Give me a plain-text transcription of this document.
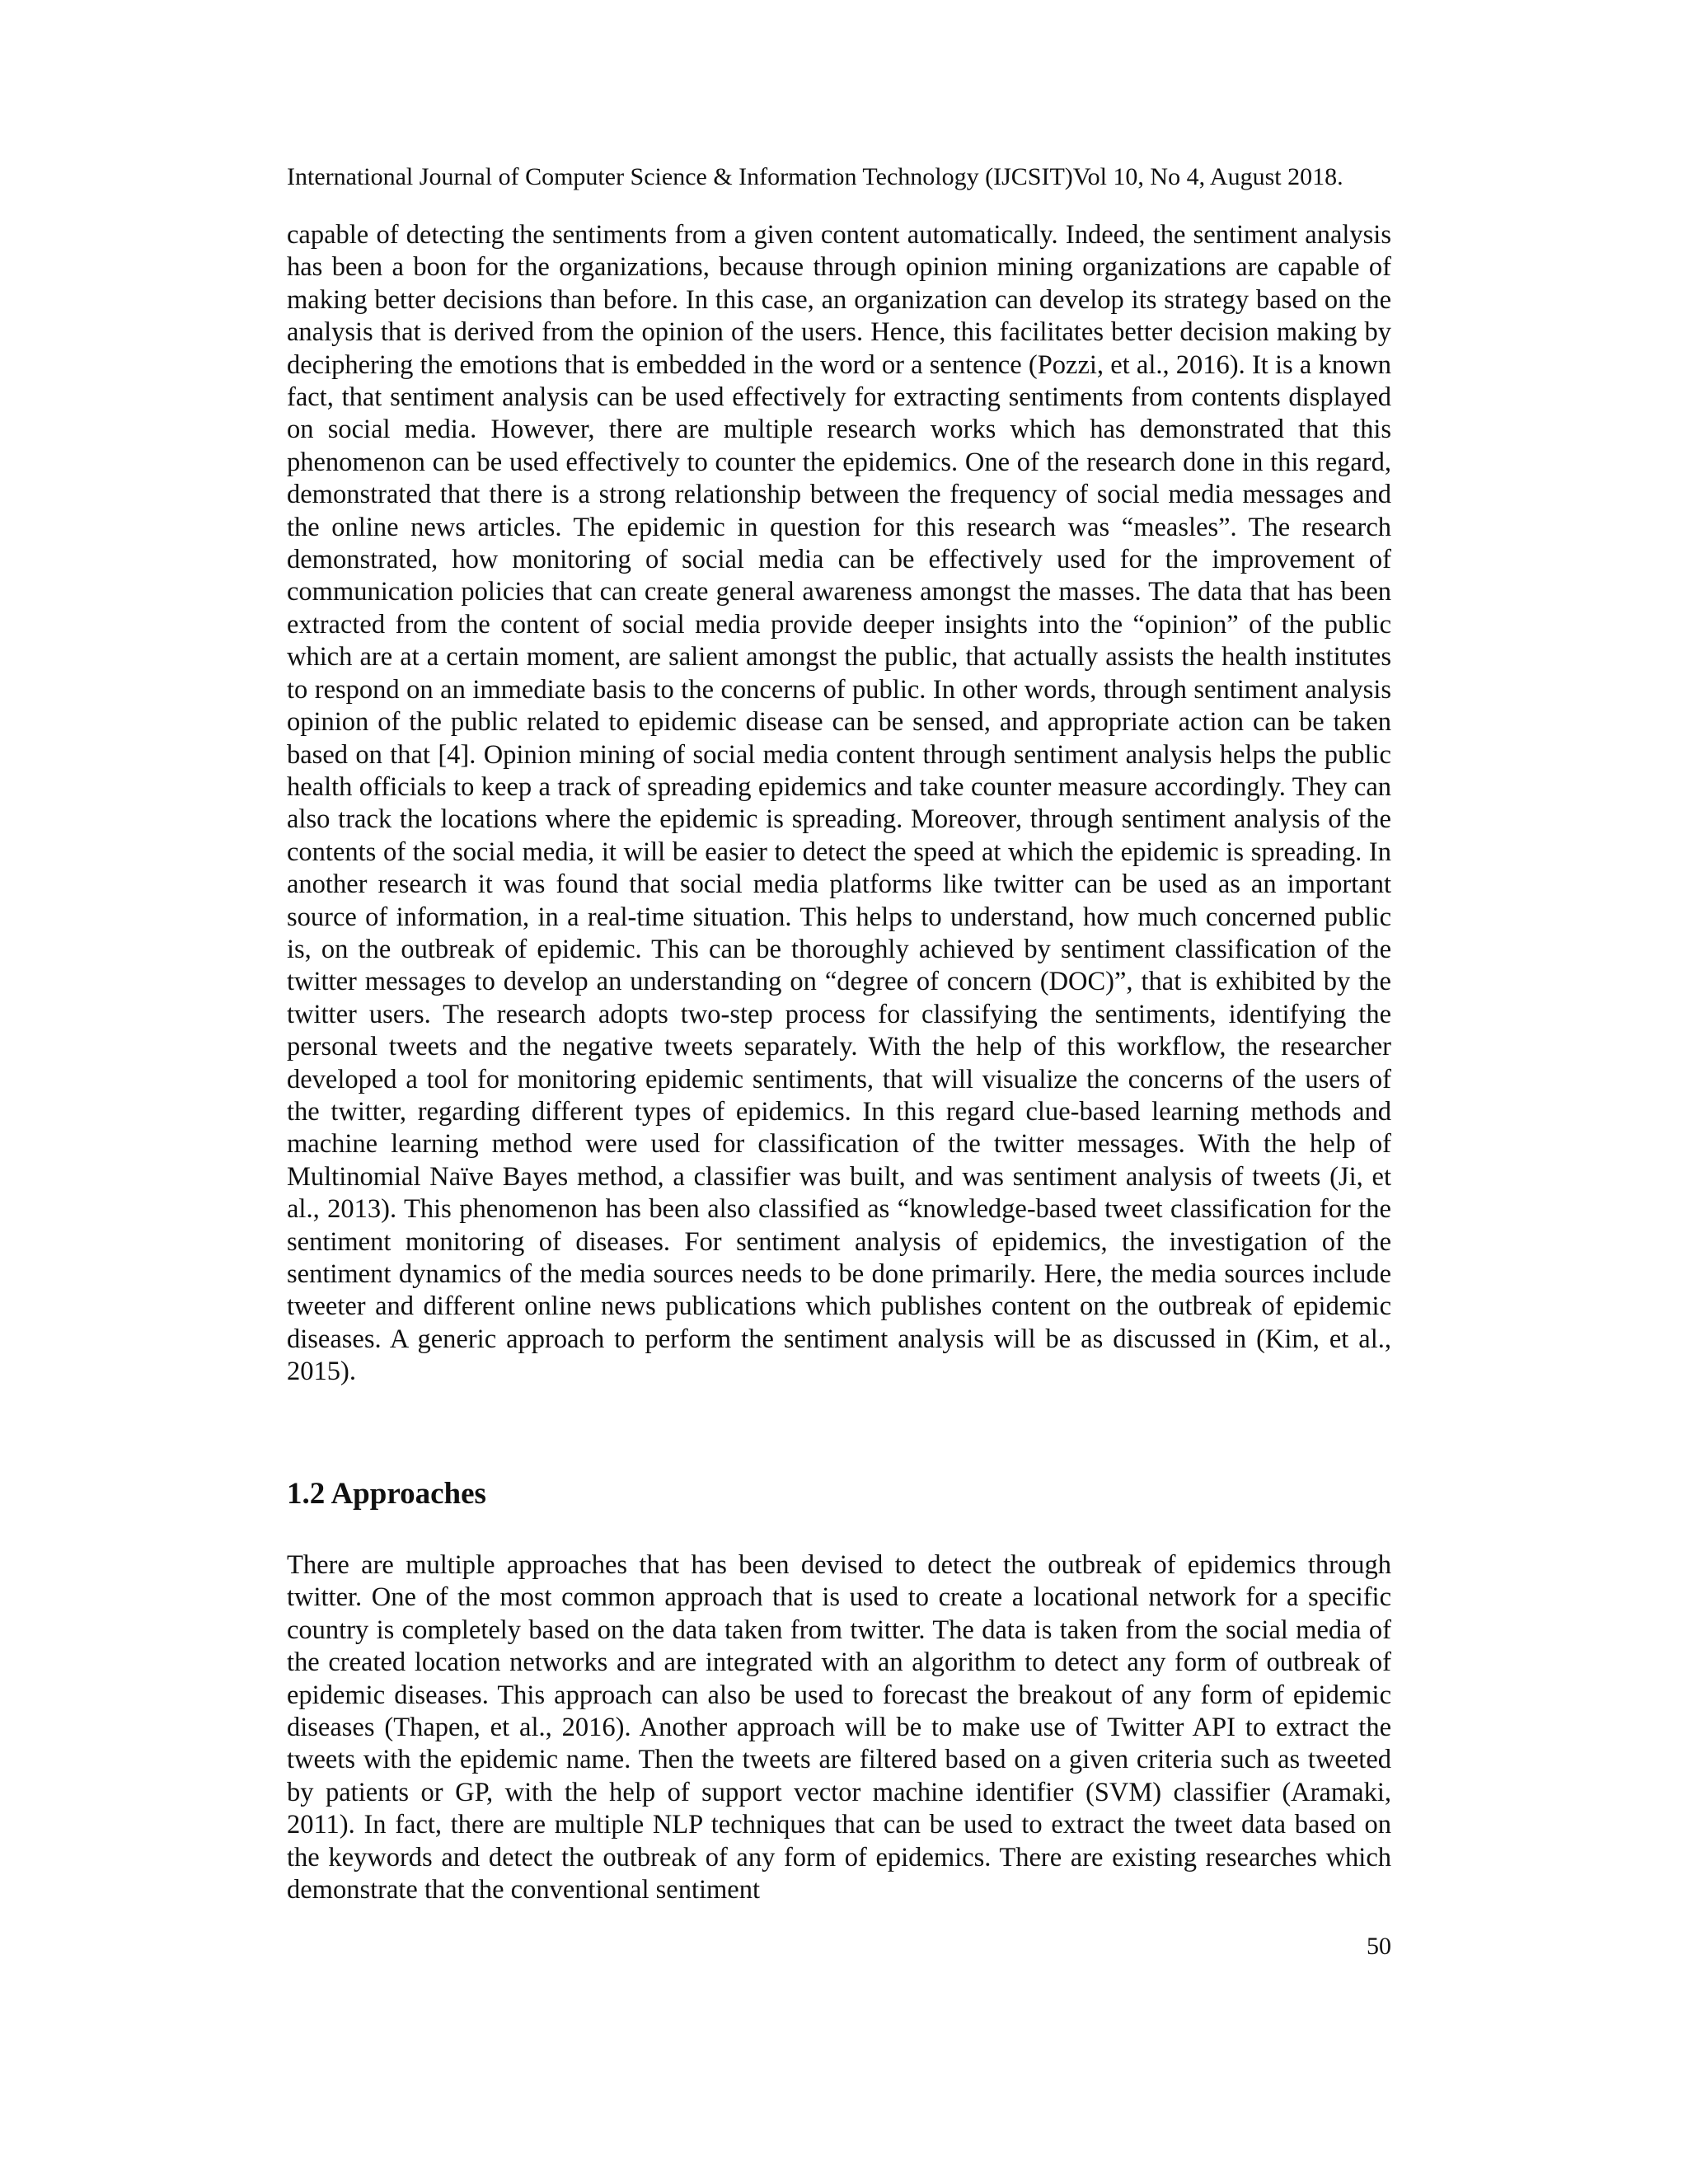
International Journal of Computer Science & Information Technology (IJCSIT)Vol 10, No 4, August 2018.

capable of detecting the sentiments from a given content automatically. Indeed, the sentiment analysis has been a boon for the organizations, because through opinion mining organizations are capable of making better decisions than before. In this case, an organization can develop its strategy based on the analysis that is derived from the opinion of the users. Hence, this facilitates better decision making by deciphering the emotions that is embedded in the word or a sentence (Pozzi, et al., 2016). It is a known fact, that sentiment analysis can be used effectively for extracting sentiments from contents displayed on social media. However, there are multiple research works which has demonstrated that this phenomenon can be used effectively to counter the epidemics. One of the research done in this regard, demonstrated that there is a strong relationship between the frequency of social media messages and the online news articles. The epidemic in question for this research was “measles”. The research demonstrated, how monitoring of social media can be effectively used for the improvement of communication policies that can create general awareness amongst the masses. The data that has been extracted from the content of social media provide deeper insights into the “opinion” of the public which are at a certain moment, are salient amongst the public, that actually assists the health institutes to respond on an immediate basis to the concerns of public. In other words, through sentiment analysis opinion of the public related to epidemic disease can be sensed, and appropriate action can be taken based on that [4]. Opinion mining of social media content through sentiment analysis helps the public health officials to keep a track of spreading epidemics and take counter measure accordingly. They can also track the locations where the epidemic is spreading. Moreover, through sentiment analysis of the contents of the social media, it will be easier to detect the speed at which the epidemic is spreading. In another research it was found that social media platforms like twitter can be used as an important source of information, in a real-time situation. This helps to understand, how much concerned public is, on the outbreak of epidemic. This can be thoroughly achieved by sentiment classification of the twitter messages to develop an understanding on “degree of concern (DOC)”, that is exhibited by the twitter users. The research adopts two-step process for classifying the sentiments, identifying the personal tweets and the negative tweets separately. With the help of this workflow, the researcher developed a tool for monitoring epidemic sentiments, that will visualize the concerns of the users of the twitter, regarding different types of epidemics. In this regard clue-based learning methods and machine learning method were used for classification of the twitter messages. With the help of Multinomial Naïve Bayes method, a classifier was built, and was sentiment analysis of tweets (Ji, et al., 2013). This phenomenon has been also classified as “knowledge-based tweet classification for the sentiment monitoring of diseases. For sentiment analysis of epidemics, the investigation of the sentiment dynamics of the media sources needs to be done primarily. Here, the media sources include tweeter and different online news publications which publishes content on the outbreak of epidemic diseases. A generic approach to perform the sentiment analysis will be as discussed in (Kim, et al., 2015).

1.2 Approaches

There are multiple approaches that has been devised to detect the outbreak of epidemics through twitter. One of the most common approach that is used to create a locational network for a specific country is completely based on the data taken from twitter. The data is taken from the social media of the created location networks and are integrated with an algorithm to detect any form of outbreak of epidemic diseases. This approach can also be used to forecast the breakout of any form of epidemic diseases (Thapen, et al., 2016). Another approach will be to make use of Twitter API to extract the tweets with the epidemic name. Then the tweets are filtered based on a given criteria such as tweeted by patients or GP, with the help of support vector machine identifier (SVM) classifier (Aramaki, 2011). In fact, there are multiple NLP techniques that can be used to extract the tweet data based on the keywords and detect the outbreak of any form of epidemics. There are existing researches which demonstrate that the conventional sentiment

50
